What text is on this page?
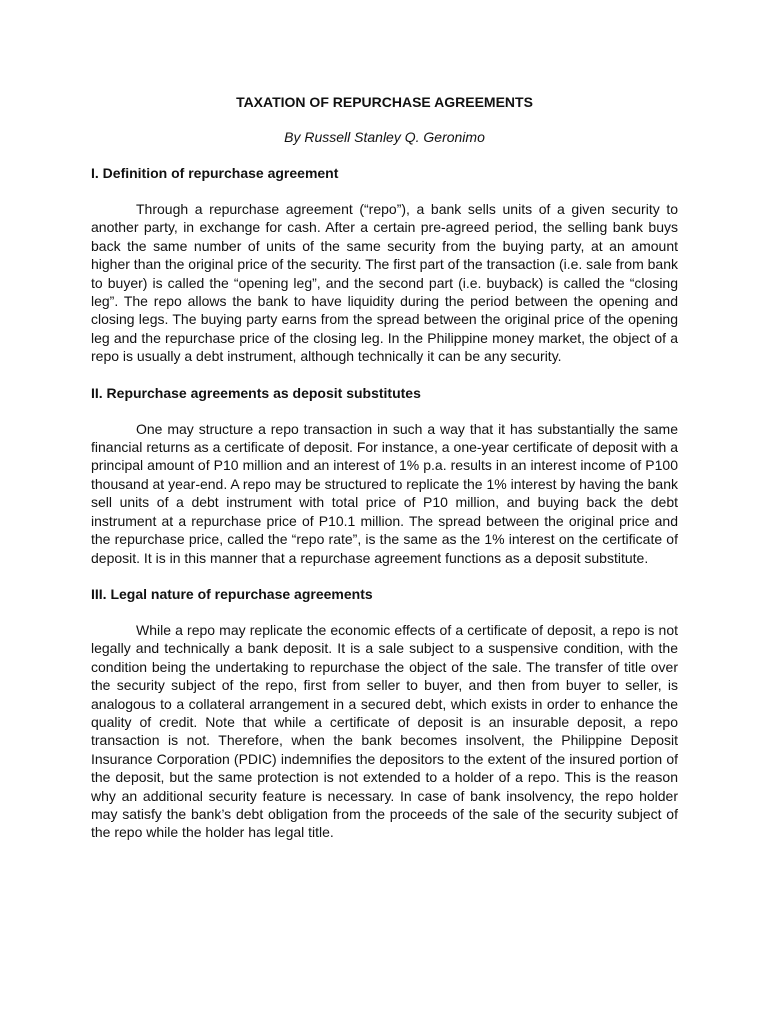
TAXATION OF REPURCHASE AGREEMENTS

By Russell Stanley Q. Geronimo

I. Definition of repurchase agreement

Through a repurchase agreement (“repo”), a bank sells units of a given security to another party, in exchange for cash. After a certain pre-agreed period, the selling bank buys back the same number of units of the same security from the buying party, at an amount higher than the original price of the security. The first part of the transaction (i.e. sale from bank to buyer) is called the “opening leg”, and the second part (i.e. buyback) is called the “closing leg”. The repo allows the bank to have liquidity during the period between the opening and closing legs. The buying party earns from the spread between the original price of the opening leg and the repurchase price of the closing leg. In the Philippine money market, the object of a repo is usually a debt instrument, although technically it can be any security.

II. Repurchase agreements as deposit substitutes

One may structure a repo transaction in such a way that it has substantially the same financial returns as a certificate of deposit. For instance, a one-year certificate of deposit with a principal amount of P10 million and an interest of 1% p.a. results in an interest income of P100 thousand at year-end. A repo may be structured to replicate the 1% interest by having the bank sell units of a debt instrument with total price of P10 million, and buying back the debt instrument at a repurchase price of P10.1 million. The spread between the original price and the repurchase price, called the “repo rate”, is the same as the 1% interest on the certificate of deposit. It is in this manner that a repurchase agreement functions as a deposit substitute.

III. Legal nature of repurchase agreements

While a repo may replicate the economic effects of a certificate of deposit, a repo is not legally and technically a bank deposit. It is a sale subject to a suspensive condition, with the condition being the undertaking to repurchase the object of the sale. The transfer of title over the security subject of the repo, first from seller to buyer, and then from buyer to seller, is analogous to a collateral arrangement in a secured debt, which exists in order to enhance the quality of credit. Note that while a certificate of deposit is an insurable deposit, a repo transaction is not. Therefore, when the bank becomes insolvent, the Philippine Deposit Insurance Corporation (PDIC) indemnifies the depositors to the extent of the insured portion of the deposit, but the same protection is not extended to a holder of a repo. This is the reason why an additional security feature is necessary. In case of bank insolvency, the repo holder may satisfy the bank’s debt obligation from the proceeds of the sale of the security subject of the repo while the holder has legal title.
